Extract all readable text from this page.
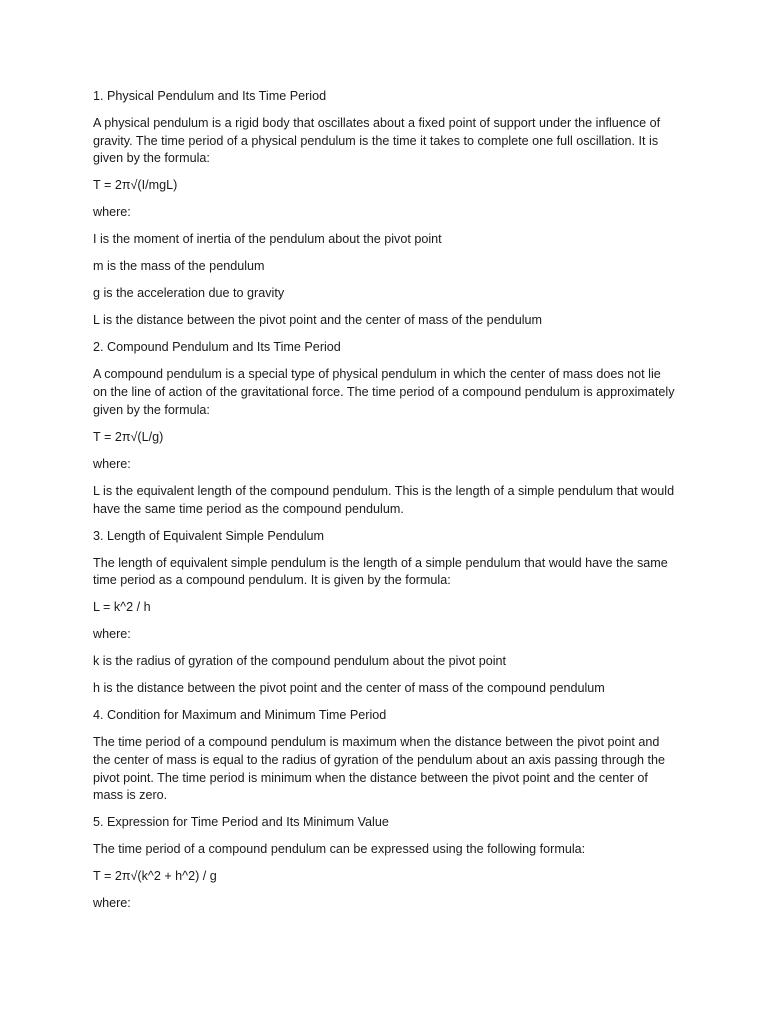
1. Physical Pendulum and Its Time Period

A physical pendulum is a rigid body that oscillates about a fixed point of support under the influence of gravity. The time period of a physical pendulum is the time it takes to complete one full oscillation. It is given by the formula:

T = 2π√(I/mgL)

where:

I is the moment of inertia of the pendulum about the pivot point

m is the mass of the pendulum

g is the acceleration due to gravity

L is the distance between the pivot point and the center of mass of the pendulum

2. Compound Pendulum and Its Time Period

A compound pendulum is a special type of physical pendulum in which the center of mass does not lie on the line of action of the gravitational force. The time period of a compound pendulum is approximately given by the formula:

T = 2π√(L/g)

where:

L is the equivalent length of the compound pendulum. This is the length of a simple pendulum that would have the same time period as the compound pendulum.

3. Length of Equivalent Simple Pendulum

The length of equivalent simple pendulum is the length of a simple pendulum that would have the same time period as a compound pendulum. It is given by the formula:

L = k^2 / h

where:

k is the radius of gyration of the compound pendulum about the pivot point

h is the distance between the pivot point and the center of mass of the compound pendulum

4. Condition for Maximum and Minimum Time Period

The time period of a compound pendulum is maximum when the distance between the pivot point and the center of mass is equal to the radius of gyration of the pendulum about an axis passing through the pivot point. The time period is minimum when the distance between the pivot point and the center of mass is zero.

5. Expression for Time Period and Its Minimum Value

The time period of a compound pendulum can be expressed using the following formula:

T = 2π√(k^2 + h^2) / g

where:
